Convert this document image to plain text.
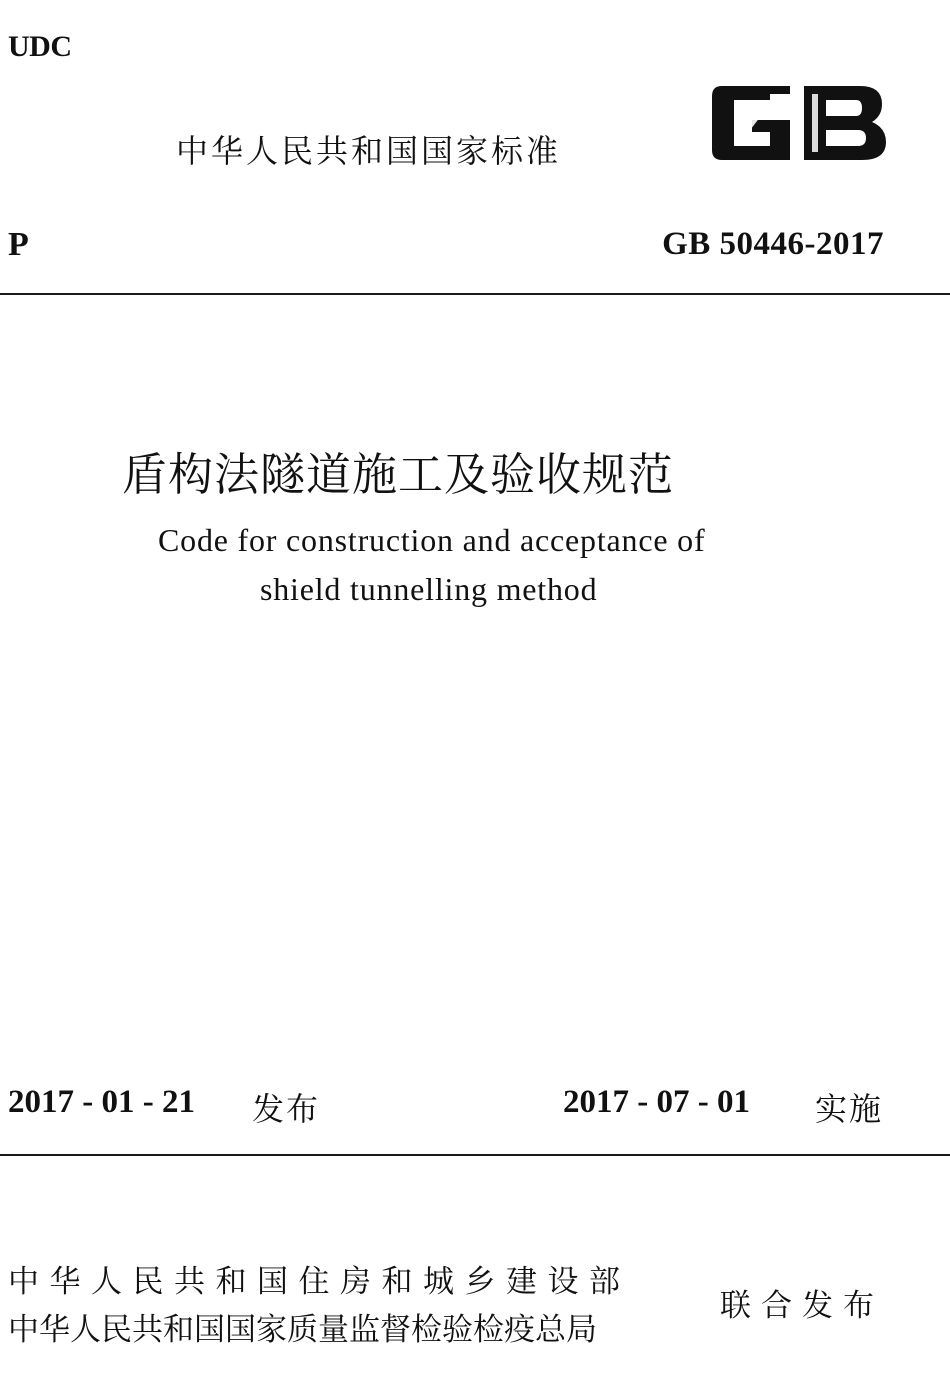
UDC
中华人民共和国国家标准
P	GB 50446-2017
盾构法隧道施工及验收规范
Code for construction and acceptance of
shield tunnelling method
2017 - 01 - 21 发布	2017 - 07 - 01 实施
中华人民共和国住房和城乡建设部
中华人民共和国国家质量监督检验检疫总局
联合发布
